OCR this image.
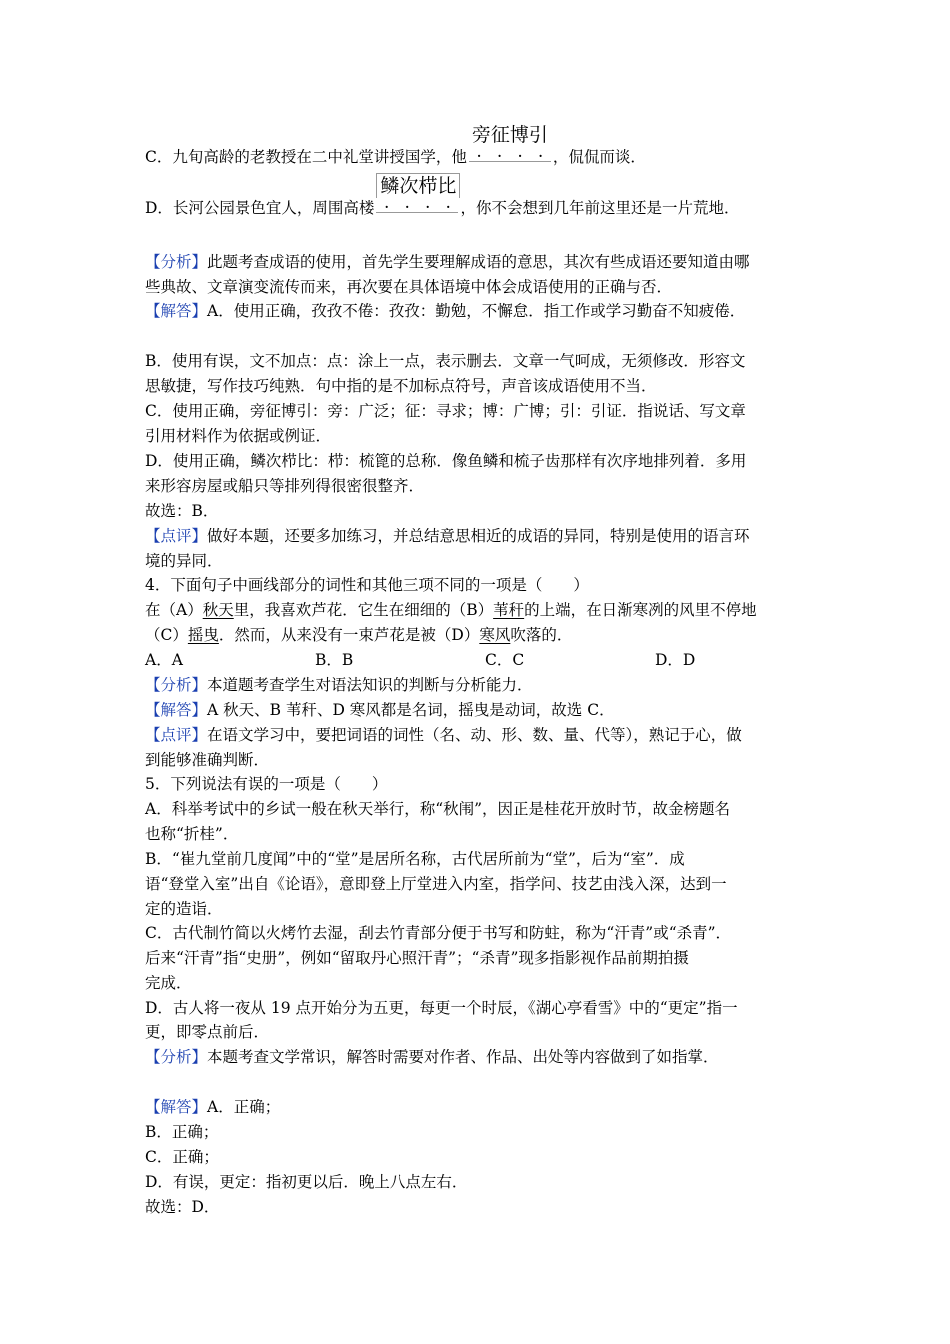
C．九旬高龄的老教授在二中礼堂讲授国学，他
旁征博引
· · · · ，侃侃而谈．
D．长河公园景色宜人，周围高楼
鳞次栉比
· · · · ，你不会想到几年前这里还是一片荒地．
【分析】此题考查成语的使用，首先学生要理解成语的意思，其次有些成语还要知道由哪
些典故、文章演变流传而来，再次要在具体语境中体会成语使用的正确与否．
【解答】A．使用正确，孜孜不倦：孜孜：勤勉，不懈怠．指工作或学习勤奋不知疲倦．
B．使用有误，文不加点：点：涂上一点，表示删去．文章一气呵成，无须修改．形容文
思敏捷，写作技巧纯熟．句中指的是不加标点符号，声音该成语使用不当．
C．使用正确，旁征博引：旁：广泛；征：寻求；博：广博；引：引证．指说话、写文章
引用材料作为依据或例证．
D．使用正确，鳞次栉比：栉：梳篦的总称．像鱼鳞和梳子齿那样有次序地排列着．多用
来形容房屋或船只等排列得很密很整齐．
故选：B．
【点评】做好本题，还要多加练习，并总结意思相近的成语的异同，特别是使用的语言环
境的异同．
4．下面句子中画线部分的词性和其他三项不同的一项是（　　）
在（A）秋天里，我喜欢芦花．它生在细细的（B）苇秆的上端，在日渐寒冽的风里不停地
（C）摇曳．然而，从来没有一束芦花是被（D）寒风吹落的．
A．A	B．B	C．C	D．D
【分析】本道题考查学生对语法知识的判断与分析能力．
【解答】A 秋天、B 苇秆、D 寒风都是名词，摇曳是动词，故选 C．
【点评】在语文学习中，要把词语的词性（名、动、形、数、量、代等），熟记于心，做
到能够准确判断．
5．下列说法有误的一项是（　　）
A．科举考试中的乡试一般在秋天举行，称“秋闱”，因正是桂花开放时节，故金榜题名
也称“折桂”．
B．“崔九堂前几度闻”中的“堂”是居所名称，古代居所前为“堂”，后为“室”．成
语“登堂入室”出自《论语》，意即登上厅堂进入内室，指学问、技艺由浅入深，达到一
定的造诣．
C．古代制竹简以火烤竹去湿，刮去竹青部分便于书写和防蛀，称为“汗青”或“杀青”．
后来“汗青”指“史册”，例如“留取丹心照汗青”；“杀青”现多指影视作品前期拍摄
完成．
D．古人将一夜从 19 点开始分为五更，每更一个时辰，《湖心亭看雪》中的“更定”指一
更，即零点前后．
【分析】本题考查文学常识，解答时需要对作者、作品、出处等内容做到了如指掌．
【解答】A．正确；
B．正确；
C．正确；
D．有误，更定：指初更以后．晚上八点左右．
故选：D．
